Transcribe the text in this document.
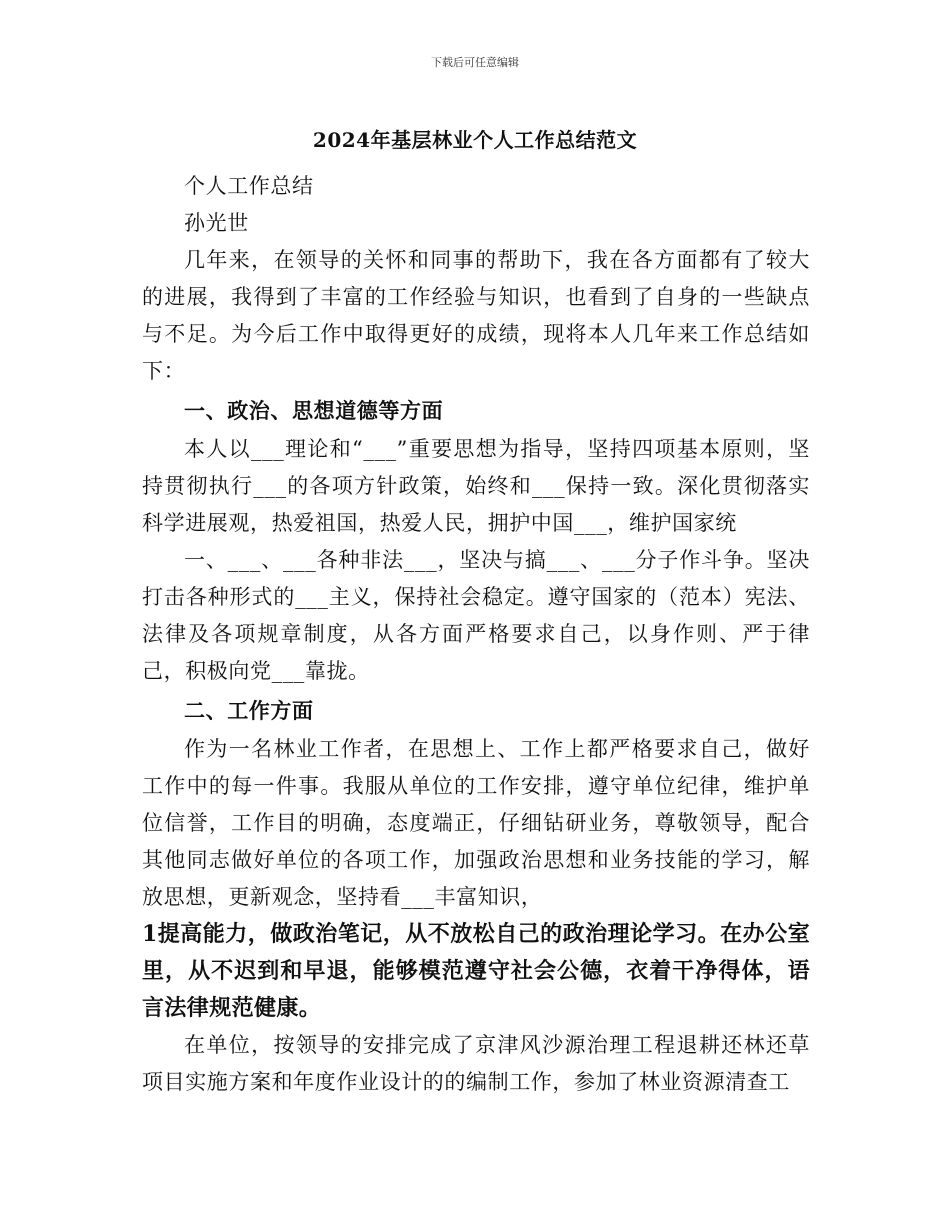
下载后可任意编辑
2024年基层林业个人工作总结范文

个人工作总结

孙光世

几年来，在领导的关怀和同事的帮助下，我在各方面都有了较大的进展，我得到了丰富的工作经验与知识，也看到了自身的一些缺点与不足。为今后工作中取得更好的成绩，现将本人几年来工作总结如下：

一、政治、思想道德等方面

本人以___理论和“___”重要思想为指导，坚持四项基本原则，坚持贯彻执行___的各项方针政策，始终和___保持一致。深化贯彻落实科学进展观，热爱祖国，热爱人民，拥护中国___，维护国家统

一、___、___各种非法___，坚决与搞___、___分子作斗争。坚决打击各种形式的___主义，保持社会稳定。遵守国家的（范本）宪法、法律及各项规章制度，从各方面严格要求自己，以身作则、严于律己，积极向党___靠拢。

二、工作方面

作为一名林业工作者，在思想上、工作上都严格要求自己，做好工作中的每一件事。我服从单位的工作安排，遵守单位纪律，维护单位信誉，工作目的明确，态度端正，仔细钻研业务，尊敬领导，配合其他同志做好单位的各项工作，加强政治思想和业务技能的学习，解放思想，更新观念，坚持看___丰富知识，

1提高能力，做政治笔记，从不放松自己的政治理论学习。在办公室里，从不迟到和早退，能够模范遵守社会公德，衣着干净得体，语言法律规范健康。

在单位，按领导的安排完成了京津风沙源治理工程退耕还林还草项目实施方案和年度作业设计的的编制工作，参加了林业资源清查工
